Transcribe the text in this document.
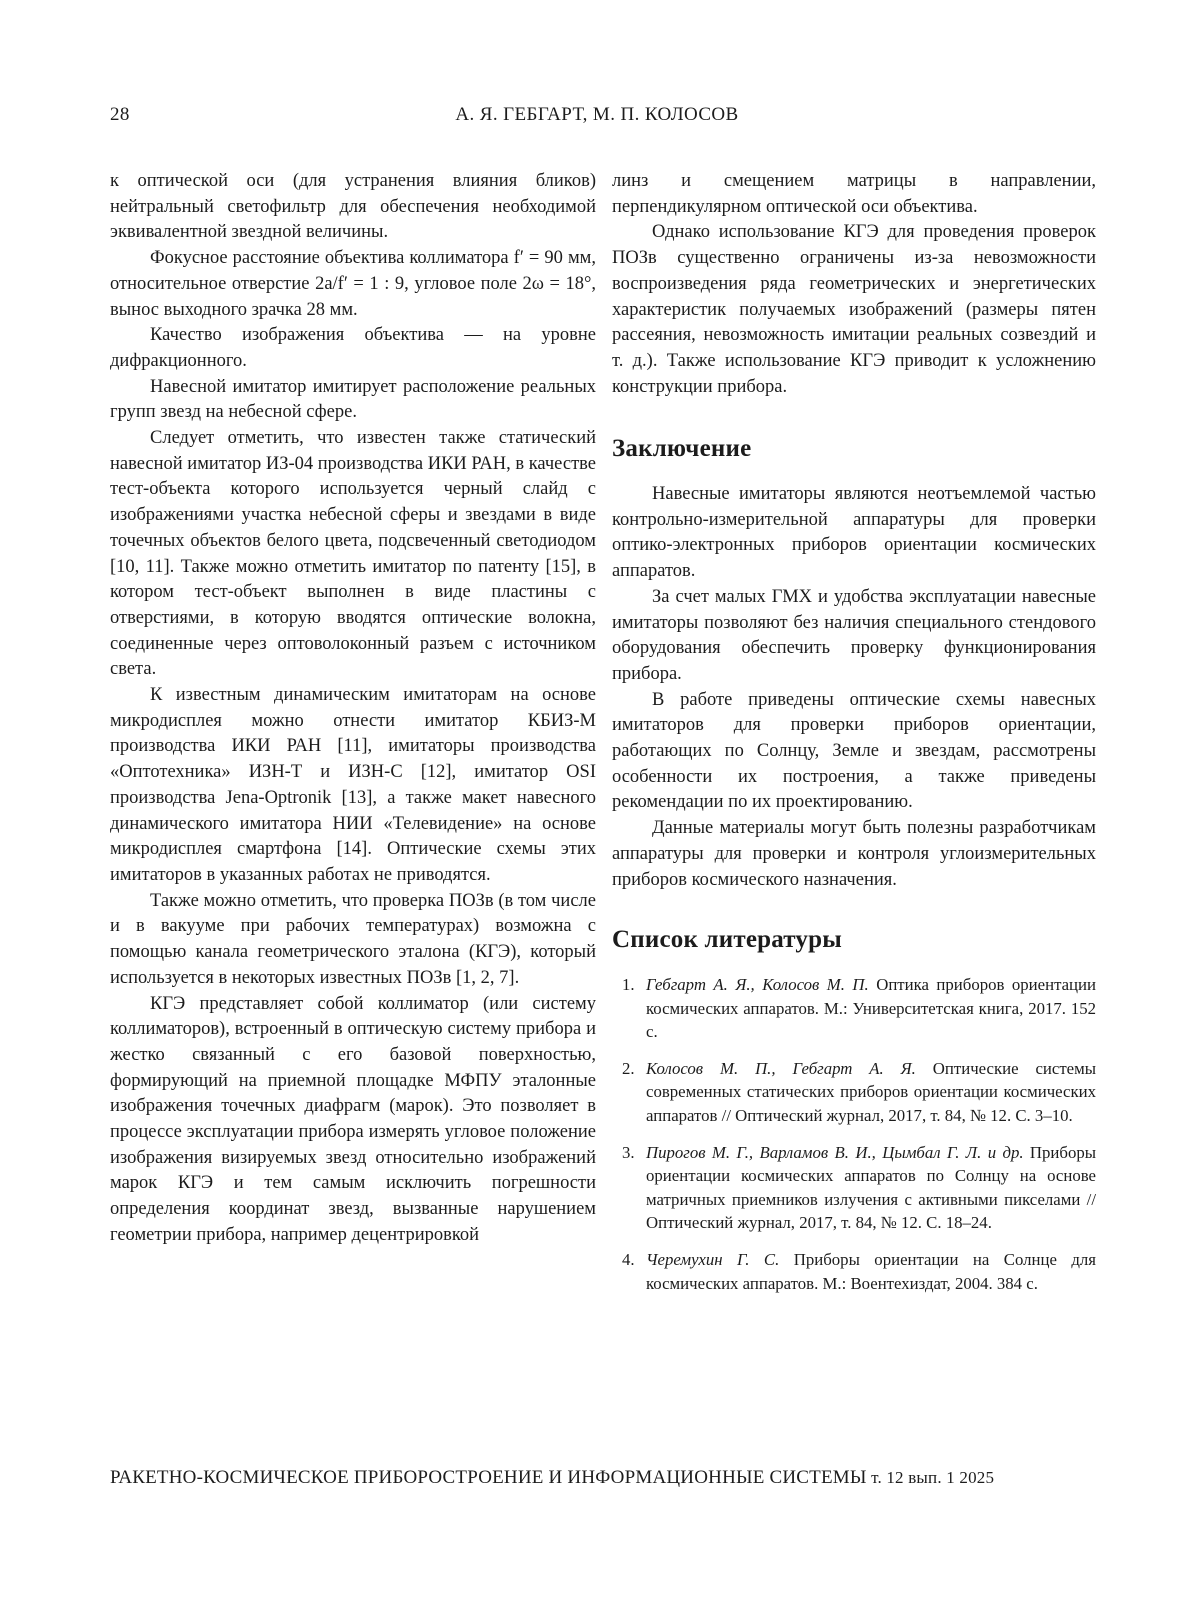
28	А. Я. ГЕБГАРТ, М. П. КОЛОСОВ

к оптической оси (для устранения влияния бликов) нейтральный светофильтр для обеспечения необходимой эквивалентной звездной величины.

Фокусное расстояние объектива коллиматора f′ = 90 мм, относительное отверстие 2a/f′ = 1 : 9, угловое поле 2ω = 18°, вынос выходного зрачка 28 мм.

Качество изображения объектива — на уровне дифракционного.

Навесной имитатор имитирует расположение реальных групп звезд на небесной сфере.

Следует отметить, что известен также статический навесной имитатор ИЗ-04 производства ИКИ РАН, в качестве тест-объекта которого используется черный слайд с изображениями участка небесной сферы и звездами в виде точечных объектов белого цвета, подсвеченный светодиодом [10, 11]. Также можно отметить имитатор по патенту [15], в котором тест-объект выполнен в виде пластины с отверстиями, в которую вводятся оптические волокна, соединенные через оптоволоконный разъем с источником света.

К известным динамическим имитаторам на основе микродисплея можно отнести имитатор КБИЗ-М производства ИКИ РАН [11], имитаторы производства «Оптотехника» ИЗН-Т и ИЗН-С [12], имитатор OSI производства Jena-Optronik [13], а также макет навесного динамического имитатора НИИ «Телевидение» на основе микродисплея смартфона [14]. Оптические схемы этих имитаторов в указанных работах не приводятся.

Также можно отметить, что проверка ПОЗв (в том числе и в вакууме при рабочих температурах) возможна с помощью канала геометрического эталона (КГЭ), который используется в некоторых известных ПОЗв [1, 2, 7].

КГЭ представляет собой коллиматор (или систему коллиматоров), встроенный в оптическую систему прибора и жестко связанный с его базовой поверхностью, формирующий на приемной площадке МФПУ эталонные изображения точечных диафрагм (марок). Это позволяет в процессе эксплуатации прибора измерять угловое положение изображения визируемых звезд относительно изображений марок КГЭ и тем самым исключить погрешности определения координат звезд, вызванные нарушением геометрии прибора, например децентрировкой

линз и смещением матрицы в направлении, перпендикулярном оптической оси объектива.

Однако использование КГЭ для проведения проверок ПОЗв существенно ограничены из-за невозможности воспроизведения ряда геометрических и энергетических характеристик получаемых изображений (размеры пятен рассеяния, невозможность имитации реальных созвездий и т. д.). Также использование КГЭ приводит к усложнению конструкции прибора.

Заключение

Навесные имитаторы являются неотъемлемой частью контрольно-измерительной аппаратуры для проверки оптико-электронных приборов ориентации космических аппаратов.

За счет малых ГМХ и удобства эксплуатации навесные имитаторы позволяют без наличия специального стендового оборудования обеспечить проверку функционирования прибора.

В работе приведены оптические схемы навесных имитаторов для проверки приборов ориентации, работающих по Солнцу, Земле и звездам, рассмотрены особенности их построения, а также приведены рекомендации по их проектированию.

Данные материалы могут быть полезны разработчикам аппаратуры для проверки и контроля углоизмерительных приборов космического назначения.

Список литературы
1. Гебгарт А. Я., Колосов М. П. Оптика приборов ориентации космических аппаратов. М.: Университетская книга, 2017. 152 с.
2. Колосов М. П., Гебгарт А. Я. Оптические системы современных статических приборов ориентации космических аппаратов // Оптический журнал, 2017, т. 84, № 12. С. 3–10.
3. Пирогов М. Г., Варламов В. И., Цымбал Г. Л. и др. Приборы ориентации космических аппаратов по Солнцу на основе матричных приемников излучения с активными пикселами // Оптический журнал, 2017, т. 84, № 12. С. 18–24.
4. Черемухин Г. С. Приборы ориентации на Солнце для космических аппаратов. М.: Воентехиздат, 2004. 384 с.
РАКЕТНО-КОСМИЧЕСКОЕ ПРИБОРОСТРОЕНИЕ И ИНФОРМАЦИОННЫЕ СИСТЕМЫ т. 12 вып. 1 2025
